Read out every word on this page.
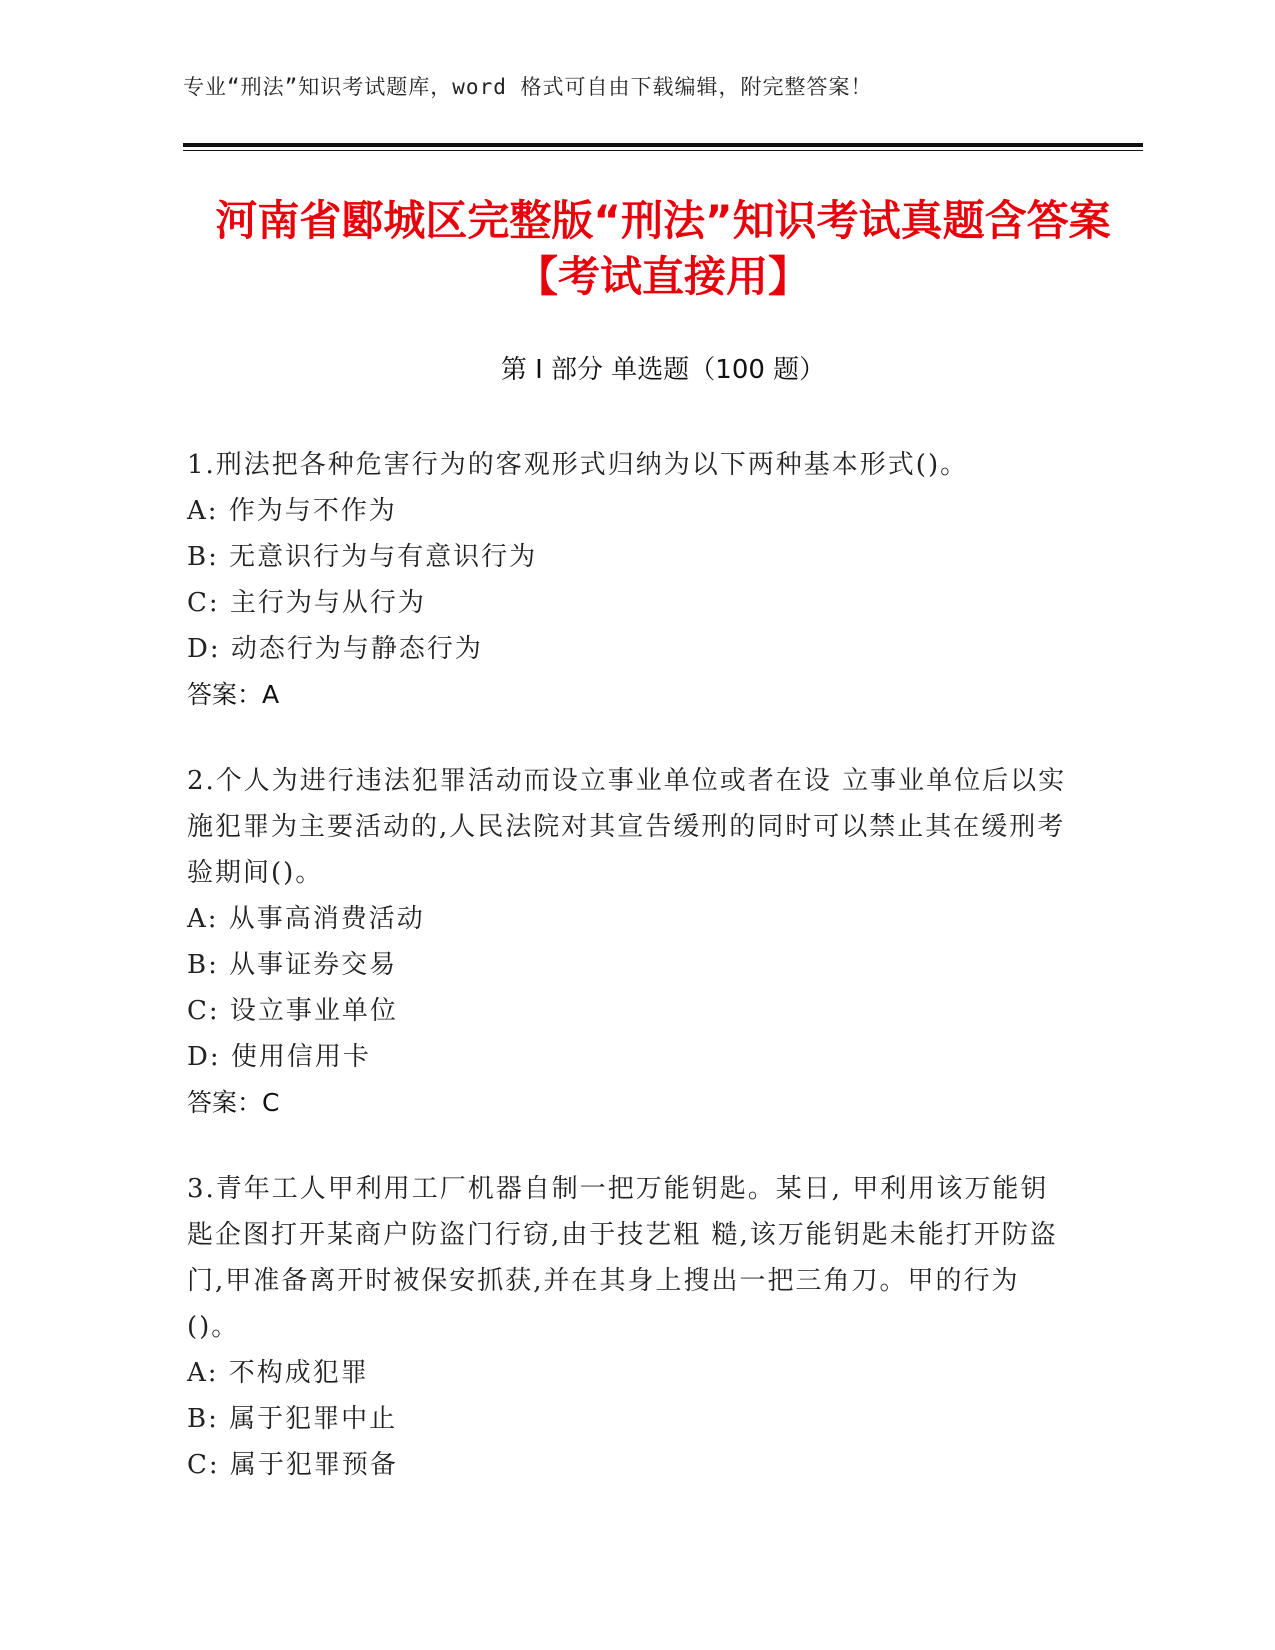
专业“刑法”知识考试题库，word 格式可自由下载编辑，附完整答案！
河南省郾城区完整版“刑法”知识考试真题含答案【考试直接用】
第 I 部分 单选题（100 题）
1.刑法把各种危害行为的客观形式归纳为以下两种基本形式()。
A: 作为与不作为
B: 无意识行为与有意识行为
C: 主行为与从行为
D: 动态行为与静态行为
答案：A
2.个人为进行违法犯罪活动而设立事业单位或者在设 立事业单位后以实施犯罪为主要活动的,人民法院对其宣告缓刑的同时可以禁止其在缓刑考验期间()。
A: 从事高消费活动
B: 从事证券交易
C: 设立事业单位
D: 使用信用卡
答案：C
3.青年工人甲利用工厂机器自制一把万能钥匙。某日, 甲利用该万能钥匙企图打开某商户防盗门行窃,由于技艺粗 糙,该万能钥匙未能打开防盗门,甲准备离开时被保安抓获,并在其身上搜出一把三角刀。甲的行为()。
A: 不构成犯罪
B: 属于犯罪中止
C: 属于犯罪预备
